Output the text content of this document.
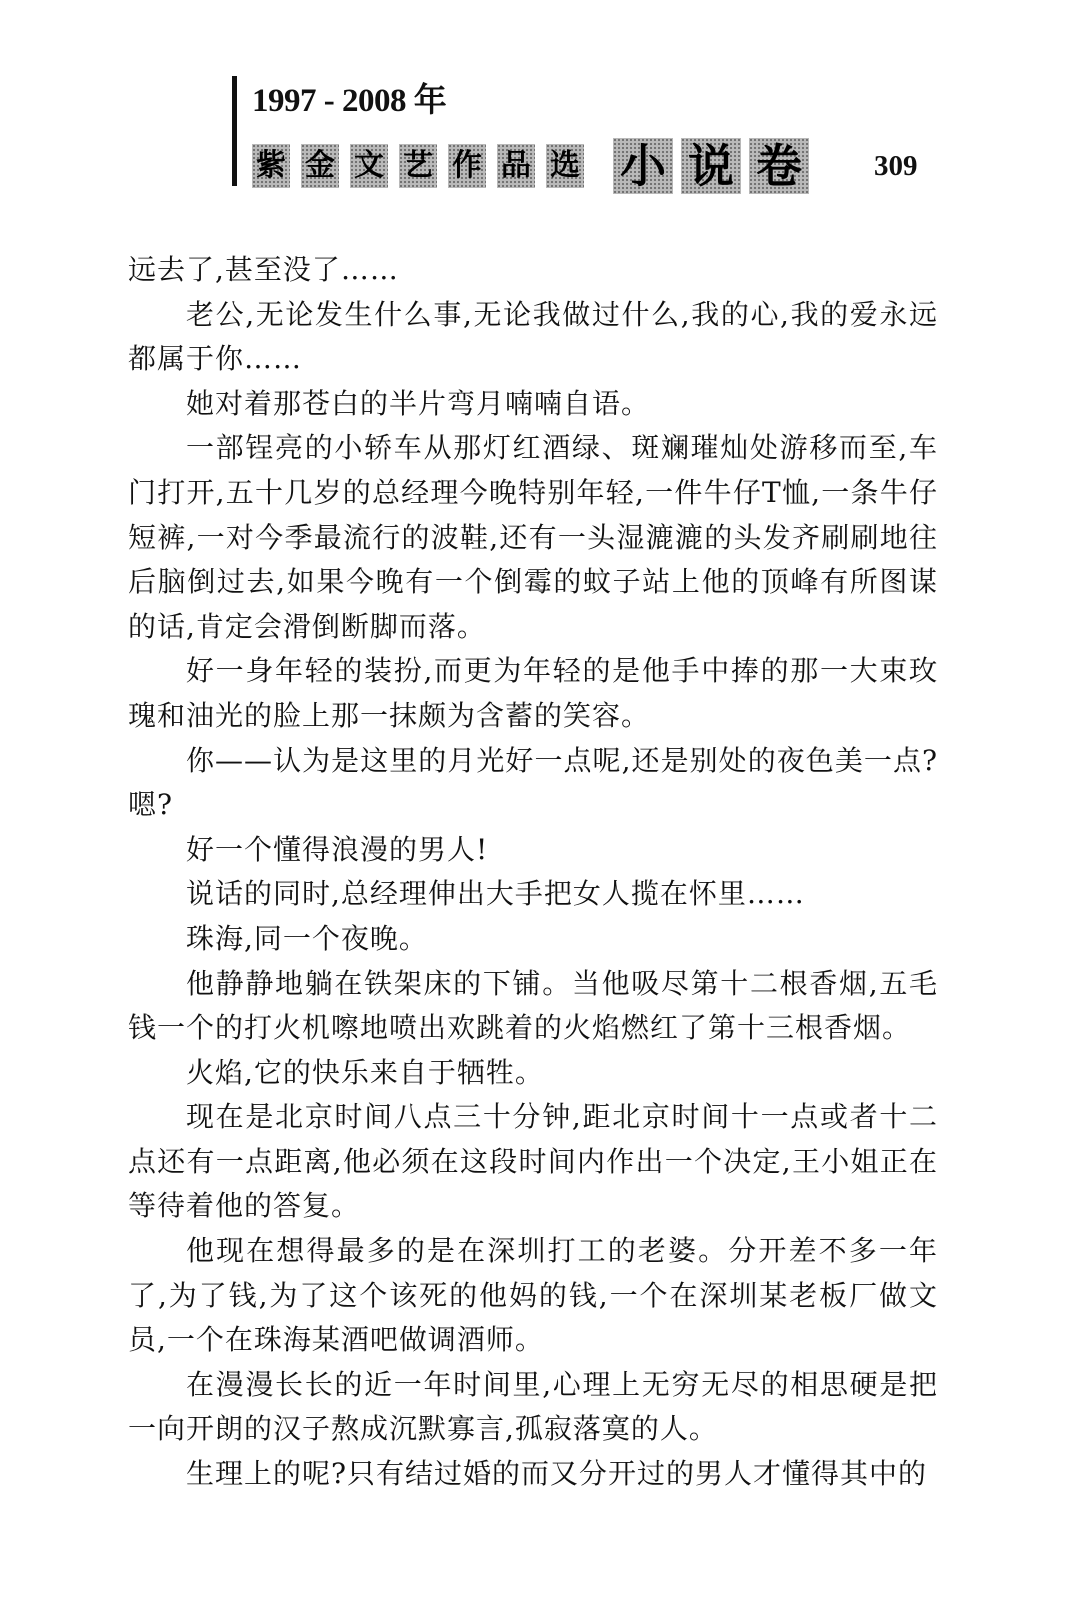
1997 - 2008 年
紫 金 文 艺 作 品 选 小 说 卷 309

远去了,甚至没了……

老公,无论发生什么事,无论我做过什么,我的心,我的爱永远都属于你……

她对着那苍白的半片弯月喃喃自语。

一部锃亮的小轿车从那灯红酒绿、斑斓璀灿处游移而至,车门打开,五十几岁的总经理今晚特别年轻,一件牛仔T恤,一条牛仔短裤,一对今季最流行的波鞋,还有一头湿漉漉的头发齐刷刷地往后脑倒过去,如果今晚有一个倒霉的蚊子站上他的顶峰有所图谋的话,肯定会滑倒断脚而落。

好一身年轻的装扮,而更为年轻的是他手中捧的那一大束玫瑰和油光的脸上那一抹颇为含蓄的笑容。

你——认为是这里的月光好一点呢,还是别处的夜色美一点?嗯?

好一个懂得浪漫的男人!

说话的同时,总经理伸出大手把女人揽在怀里……

珠海,同一个夜晚。

他静静地躺在铁架床的下铺。当他吸尽第十二根香烟,五毛钱一个的打火机嚓地喷出欢跳着的火焰燃红了第十三根香烟。

火焰,它的快乐来自于牺牲。

现在是北京时间八点三十分钟,距北京时间十一点或者十二点还有一点距离,他必须在这段时间内作出一个决定,王小姐正在等待着他的答复。

他现在想得最多的是在深圳打工的老婆。分开差不多一年了,为了钱,为了这个该死的他妈的钱,一个在深圳某老板厂做文员,一个在珠海某酒吧做调酒师。

在漫漫长长的近一年时间里,心理上无穷无尽的相思硬是把一向开朗的汉子熬成沉默寡言,孤寂落寞的人。

生理上的呢?只有结过婚的而又分开过的男人才懂得其中的
